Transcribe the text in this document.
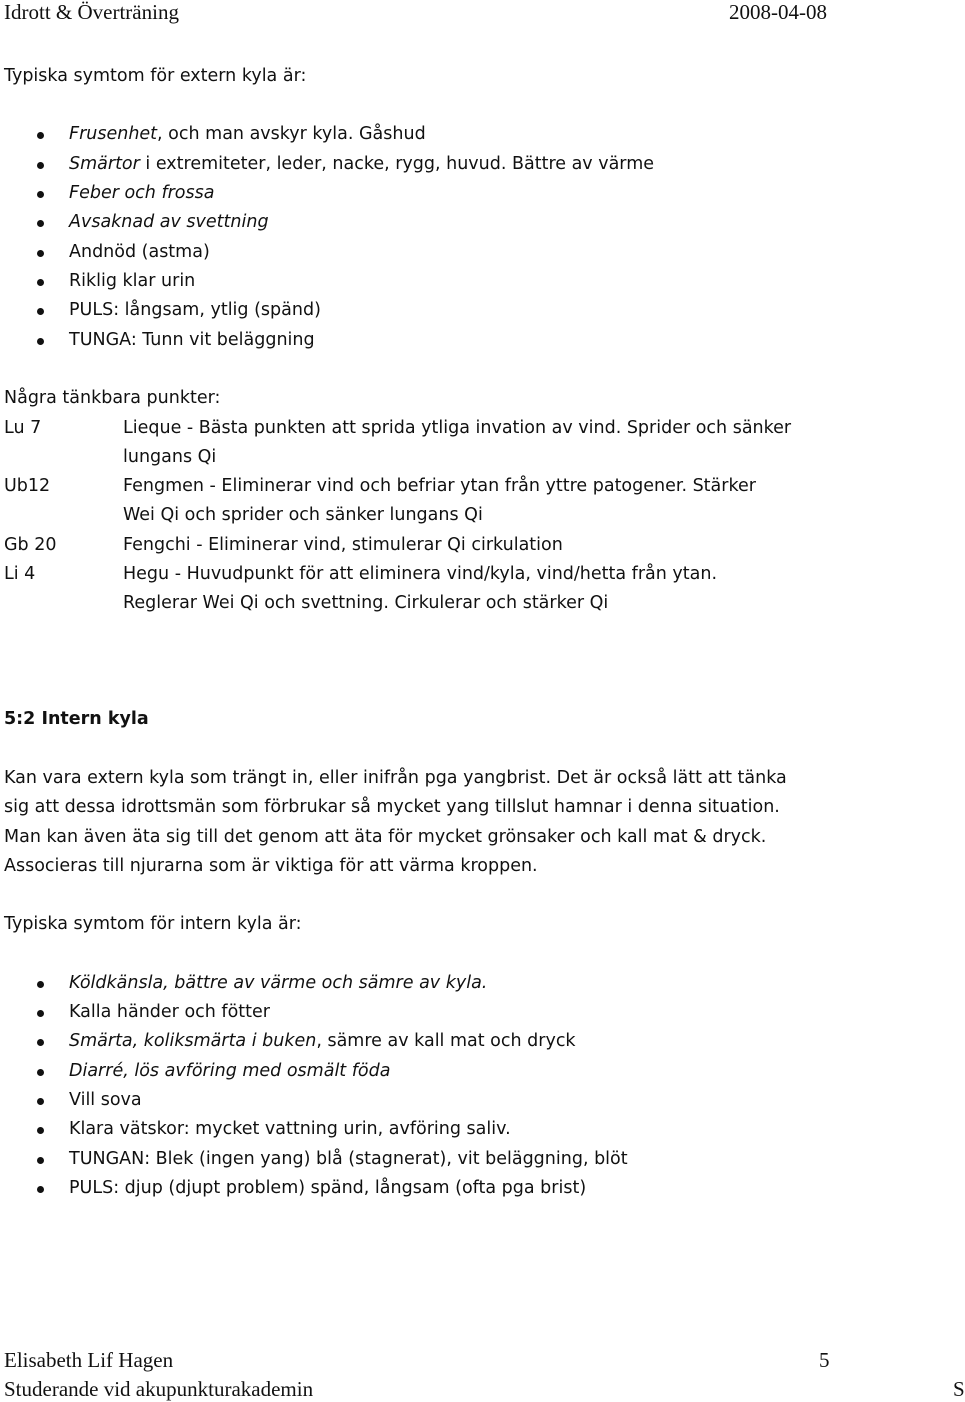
Idrott & Överträning	2008-04-08
Typiska symtom för extern kyla är:
Frusenhet, och man avskyr kyla. Gåshud
Smärtor i extremiteter, leder, nacke, rygg, huvud. Bättre av värme
Feber och frossa
Avsaknad av svettning
Andnöd (astma)
Riklig klar urin
PULS: långsam, ytlig (spänd)
TUNGA: Tunn vit beläggning
Några tänkbara punkter:
Lu 7	Lieque - Bästa punkten att sprida ytliga invation av vind. Sprider och sänker
lungans Qi
Ub12	Fengmen - Eliminerar vind och befriar ytan från yttre patogener. Stärker
Wei Qi och sprider och sänker lungans Qi
Gb 20	Fengchi - Eliminerar vind, stimulerar Qi cirkulation
Li 4	Hegu - Huvudpunkt för att eliminera vind/kyla, vind/hetta från ytan.
Reglerar Wei Qi och svettning. Cirkulerar och stärker Qi
5:2 Intern kyla
Kan vara extern kyla som trängt in, eller inifrån pga yangbrist. Det är också lätt att tänka
sig att dessa idrottsmän som förbrukar så mycket yang tillslut hamnar i denna situation.
Man kan även äta sig till det genom att äta för mycket grönsaker och kall mat & dryck.
Associeras till njurarna som är viktiga för att värma kroppen.
Typiska symtom för intern kyla är:
Köldkänsla, bättre av värme och sämre av kyla.
Kalla händer och fötter
Smärta, koliksmärta i buken, sämre av kall mat och dryck
Diarré, lös avföring med osmält föda
Vill sova
Klara vätskor: mycket vattning urin, avföring saliv.
TUNGAN: Blek (ingen yang) blå (stagnerat), vit beläggning, blöt
PULS: djup (djupt problem) spänd, långsam (ofta pga brist)
Elisabeth Lif Hagen	5
Studerande vid akupunkturakademin	S
